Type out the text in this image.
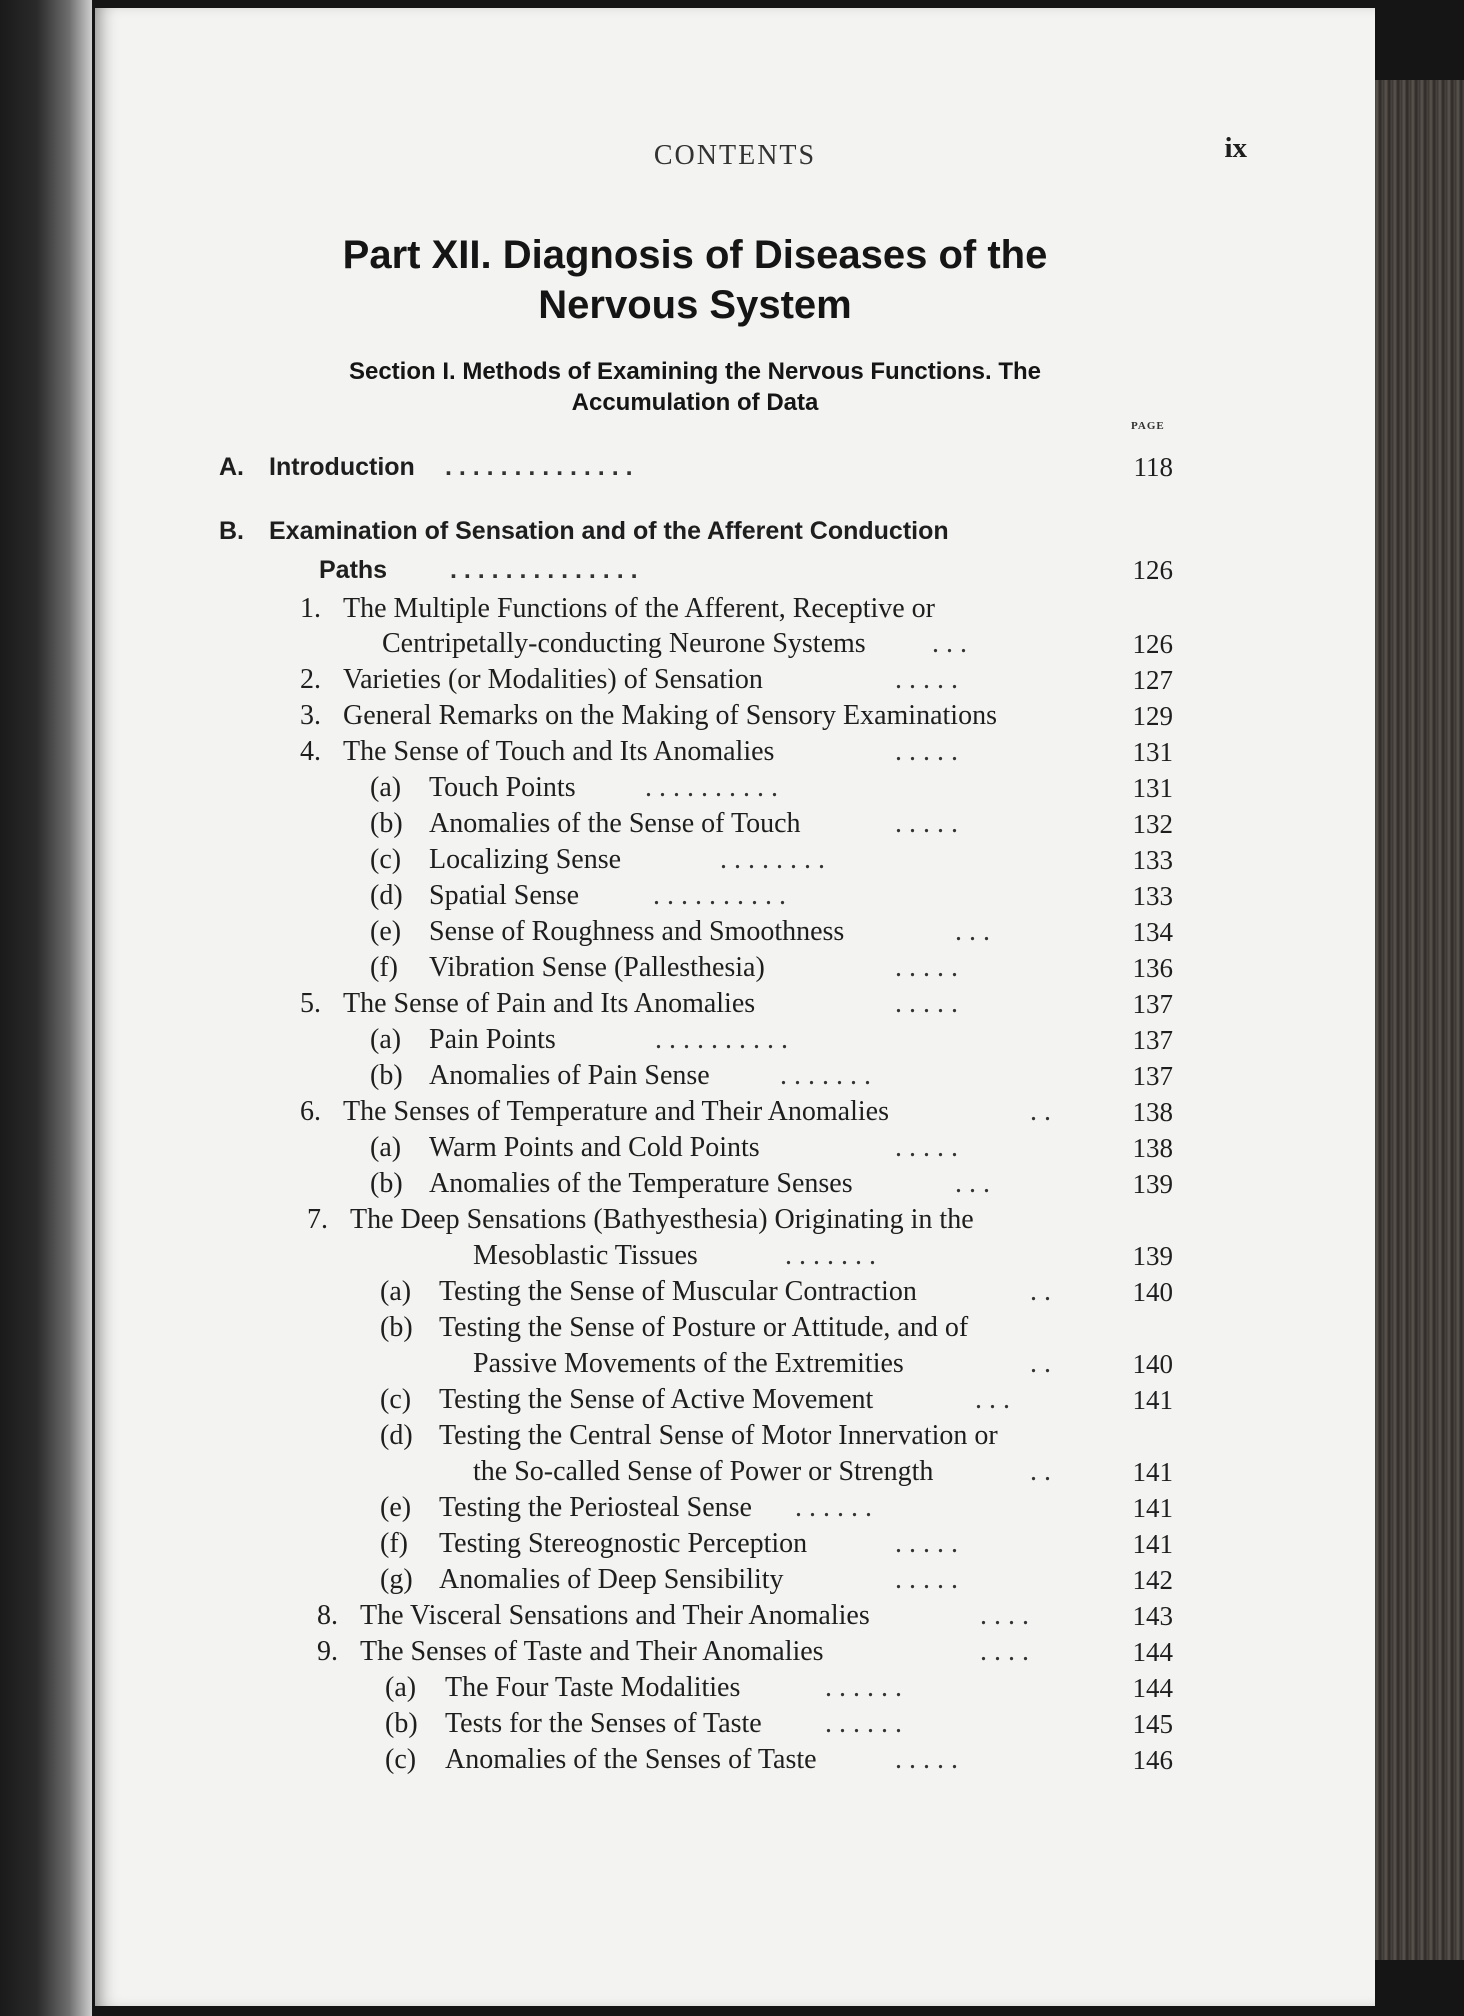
CONTENTS	ix
Part XII. Diagnosis of Diseases of the
Nervous System
Section I. Methods of Examining the Nervous Functions. The
Accumulation of Data
PAGE
A. Introduction . . . . . . . . . . . . . .	118
B. Examination of Sensation and of the Afferent Conduction
Paths	. . . . . . . . . . . . . .	126
1. The Multiple Functions of the Afferent, Receptive or
Centripetally-conducting Neurone Systems . . .	126
2. Varieties (or Modalities) of Sensation	. . . . .	127
3. General Remarks on the Making of Sensory Examinations	129
4. The Sense of Touch and Its Anomalies	. . . . .	131
(a) Touch Points . . . . . . . . . .	131
(b) Anomalies of the Sense of Touch	. . . . .	132
(c) Localizing Sense	. . . . . . . .	133
(d) Spatial Sense	. . . . . . . . . .	133
(e) Sense of Roughness and Smoothness	. . .	134
(f) Vibration Sense (Pallesthesia)	. . . . .	136
5. The Sense of Pain and Its Anomalies	. . . . .	137
(a) Pain Points	. . . . . . . . . .	137
(b) Anomalies of Pain Sense	. . . . . . .	137
6. The Senses of Temperature and Their Anomalies	. .	138
(a) Warm Points and Cold Points	. . . . .	138
(b) Anomalies of the Temperature Senses	. . .	139
7. The Deep Sensations (Bathyesthesia) Originating in the
Mesoblastic Tissues	. . . . . . .	139
(a) Testing the Sense of Muscular Contraction	. .	140
(b) Testing the Sense of Posture or Attitude, and of
Passive Movements of the Extremities	. .	140
(c) Testing the Sense of Active Movement	. . .	141
(d) Testing the Central Sense of Motor Innervation or
the So-called Sense of Power or Strength	. .	141
(e) Testing the Periosteal Sense . . . . . .	141
(f) Testing Stereognostic Perception	. . . . .	141
(g) Anomalies of Deep Sensibility	. . . . .	142
8. The Visceral Sensations and Their Anomalies	. . . .	143
9. The Senses of Taste and Their Anomalies	. . . .	144
(a) The Four Taste Modalities	. . . . . .	144
(b) Tests for the Senses of Taste . . . . . .	145
(c) Anomalies of the Senses of Taste	. . . . .	146
